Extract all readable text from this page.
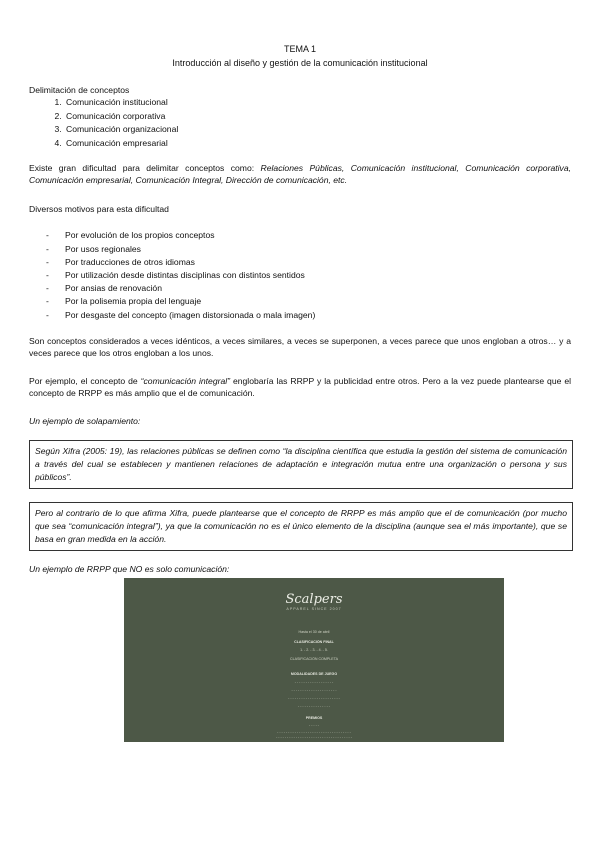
TEMA 1
Introducción al diseño y gestión de la comunicación institucional

Delimitación de conceptos

1. Comunicación institucional
2. Comunicación corporativa
3. Comunicación organizacional
4. Comunicación empresarial

Existe gran dificultad para delimitar conceptos como: Relaciones Públicas, Comunicación institucional, Comunicación corporativa, Comunicación empresarial, Comunicación Integral, Dirección de comunicación, etc.

Diversos motivos para esta dificultad

- Por evolución de los propios conceptos
- Por usos regionales
- Por traducciones de otros idiomas
- Por utilización desde distintas disciplinas con distintos sentidos
- Por ansias de renovación
- Por la polisemia propia del lenguaje
- Por desgaste del concepto (imagen distorsionada o mala imagen)

Son conceptos considerados a veces idénticos, a veces similares, a veces se superponen, a veces parece que unos engloban a otros… y a veces parece que los otros engloban a los unos.

Por ejemplo, el concepto de “comunicación integral” englobaría las RRPP y la publicidad entre otros. Pero a la vez puede plantearse que el concepto de RRPP es más amplio que el de comunicación.

Un ejemplo de solapamiento:
Según Xifra (2005: 19), las relaciones públicas se definen como “la disciplina científica que estudia la gestión del sistema de comunicación a través del cual se establecen y mantienen relaciones de adaptación e integración mutua entre una organización o persona y sus públicos”.
Pero al contrario de lo que afirma Xifra, puede plantearse que el concepto de RRPP es más amplio que el de comunicación (por mucho que sea “comunicación integral”), ya que la comunicación no es el único elemento de la disciplina (aunque sea el más importante), que se basa en gran medida en la acción.
Un ejemplo de RRPP que NO es solo comunicación:
Scalpers
APPAREL SINCE 2007
Hasta el 30 de abril
CLASIFICACIÓN FINAL
1. - 2. - 3. - 4. - 5.
CLASIFICACIÓN COMPLETA
MODALIDADES DE JUEGO
- - - - - - - - - - - - - - - - - -
- - - - - - - - - - - - - - - - - - - - -
- - - - - - - - - - - - - - - - - - - - - - - -
- - - - - - - - - - - - - - -
PREMIOS
- - - - -
- - - - - - - - - - - - - - - - - - - - - - - - - - - - - - - - - -
- - - - - - - - - - - - - - - - - - - - - - - - - - - - - - - - - - -
